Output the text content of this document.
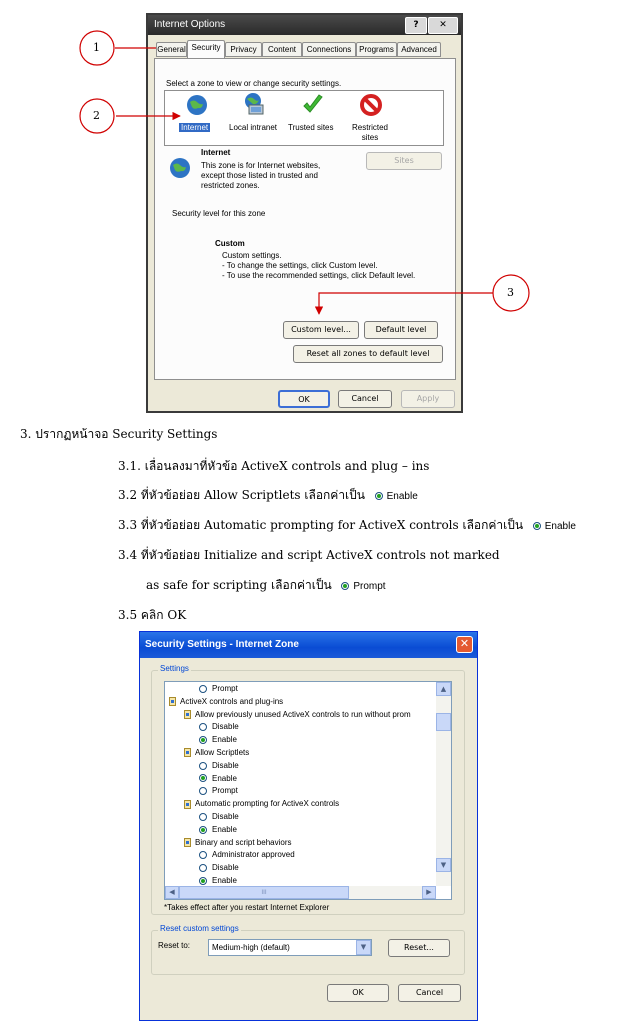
Internet Options	?	✕
General Security	Privacy	Content	Connections Programs Advanced
Select a zone to view or change security settings.
Internet	Local intranet Trusted sites Restricted sites
Internet
This zone is for Internet websites,
except those listed in trusted and
restricted zones.
Sites
Security level for this zone
Custom
Custom settings.
- To change the settings, click Custom level.
- To use the recommended settings, click Default level.
Custom level...	Default level
Reset all zones to default level
OK	Cancel	Apply
1
2
3
3. ปรากฏหน้าจอ Security Settings
3.1. เลื่อนลงมาที่หัวข้อ ActiveX controls and plug – ins
3.2 ที่หัวข้อย่อย Allow Scriptlets เลือกค่าเป็น Enable
3.3 ที่หัวข้อย่อย Automatic prompting for ActiveX controls เลือกค่าเป็น Enable
3.4 ที่หัวข้อย่อย Initialize and script ActiveX controls not marked
as safe for scripting เลือกค่าเป็น Prompt
3.5 คลิก OK
Security Settings - Internet Zone	✕
Settings
Prompt
ActiveX controls and plug-ins
Allow previously unused ActiveX controls to run without prom
Disable
Enable
Allow Scriptlets
Disable
Enable
Prompt
Automatic prompting for ActiveX controls
Disable
Enable
Binary and script behaviors
Administrator approved
Disable
Enable
▲
▼
◀	III	▶
*Takes effect after you restart Internet Explorer
Reset custom settings
Reset to:	Medium-high (default)	▼	Reset...
OK	Cancel
